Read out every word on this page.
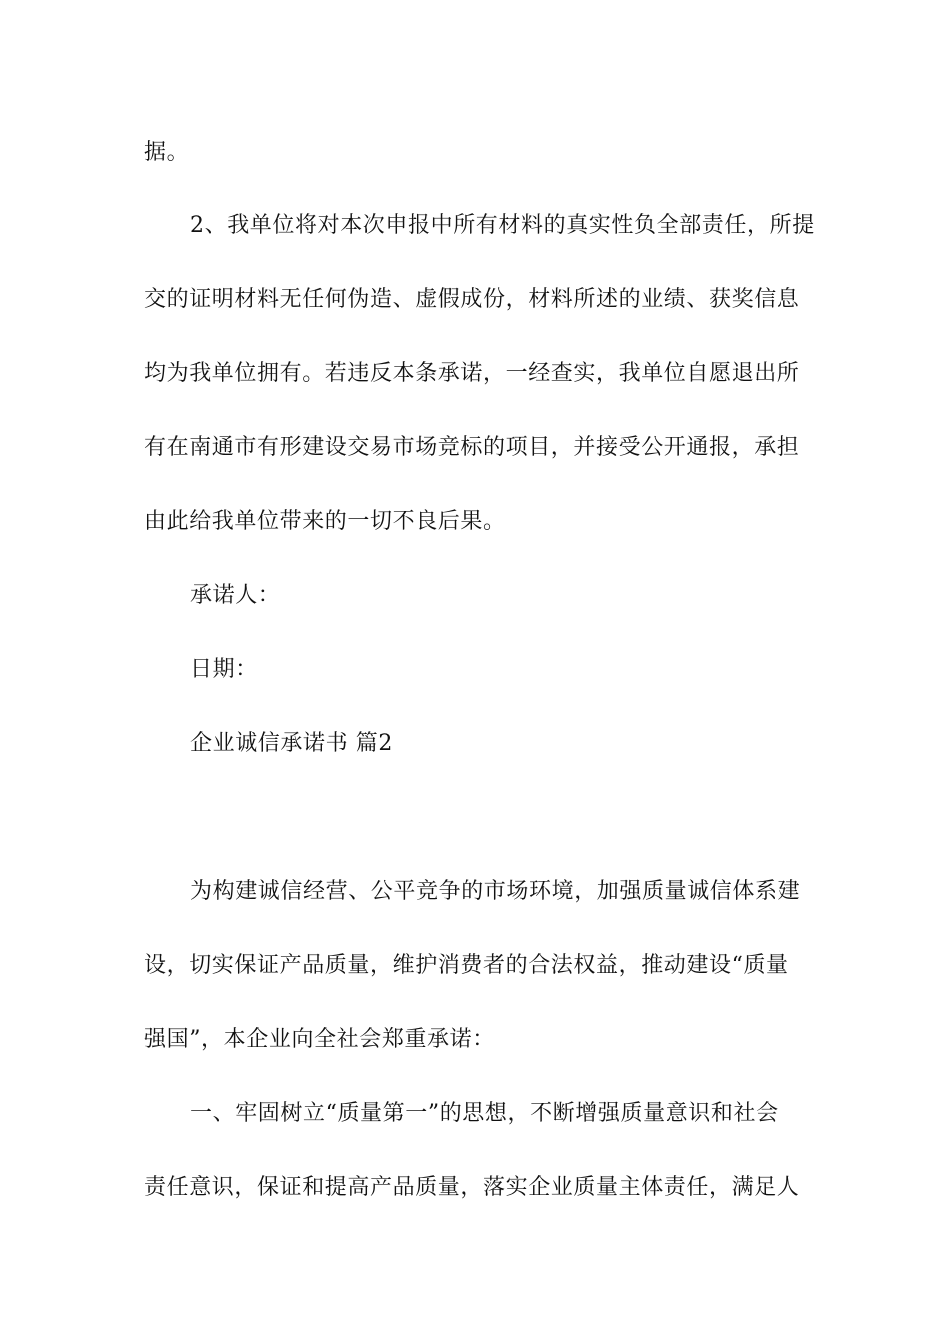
据。
2、我单位将对本次申报中所有材料的真实性负全部责任，所提
交的证明材料无任何伪造、虚假成份，材料所述的业绩、获奖信息
均为我单位拥有。若违反本条承诺，一经查实，我单位自愿退出所
有在南通市有形建设交易市场竞标的项目，并接受公开通报，承担
由此给我单位带来的一切不良后果。
承诺人：
日期：
企业诚信承诺书 篇2
为构建诚信经营、公平竞争的市场环境，加强质量诚信体系建
设，切实保证产品质量，维护消费者的合法权益，推动建设“质量
强国”，本企业向全社会郑重承诺：
一、牢固树立“质量第一”的思想，不断增强质量意识和社会
责任意识，保证和提高产品质量，落实企业质量主体责任，满足人
